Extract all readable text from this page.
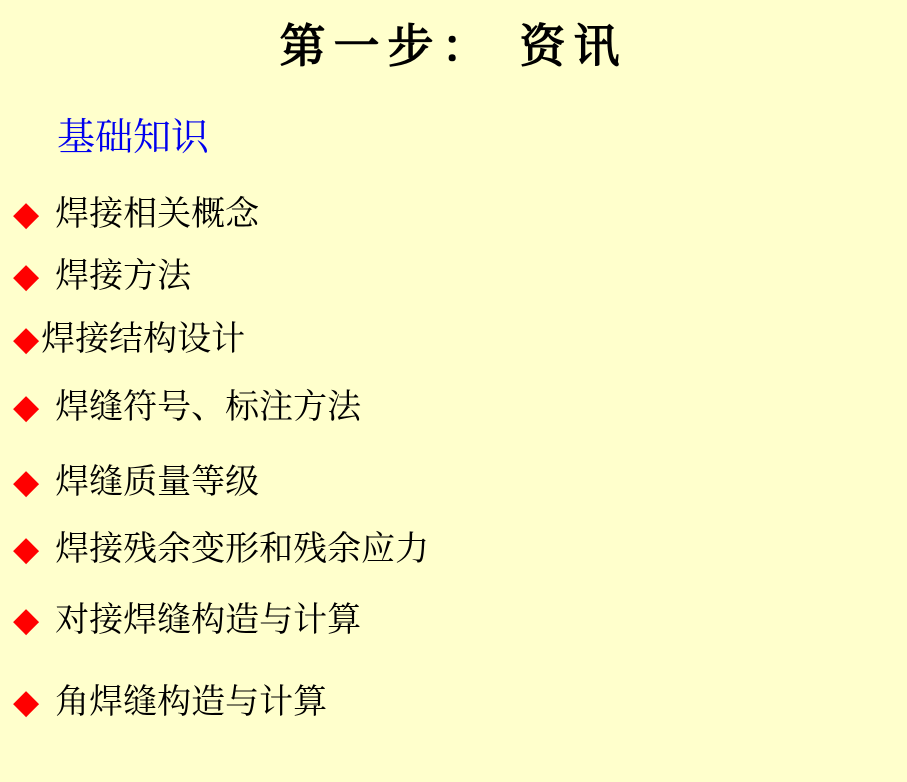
第一步： 资讯
基础知识
◆ 焊接相关概念
◆ 焊接方法
◆ 焊接结构设计
◆ 焊缝符号、标注方法
◆ 焊缝质量等级
◆ 焊接残余变形和残余应力
◆ 对接焊缝构造与计算
◆ 角焊缝构造与计算
